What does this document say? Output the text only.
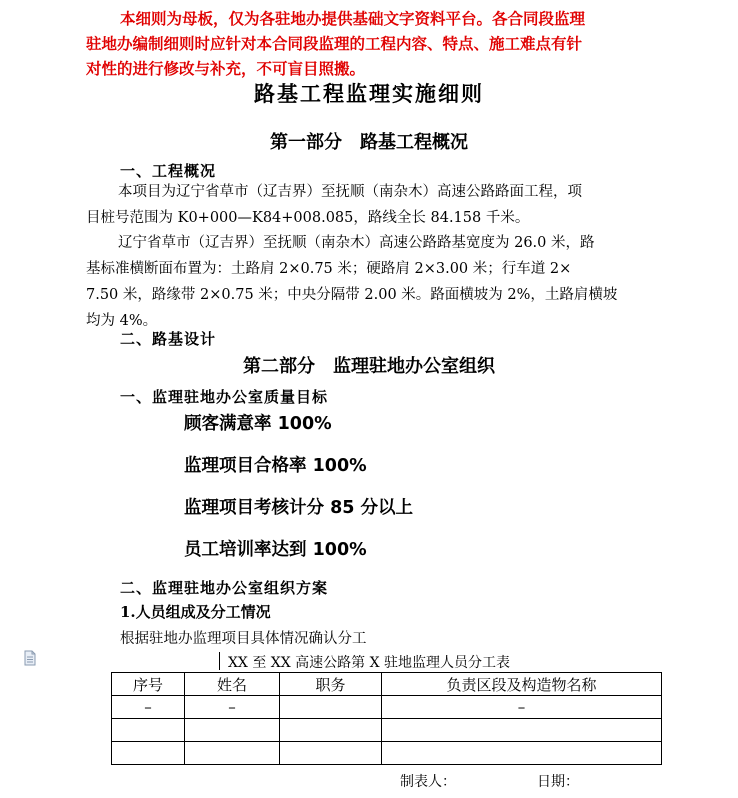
本细则为母板，仅为各驻地办提供基础文字资料平台。各合同段监理
驻地办编制细则时应针对本合同段监理的工程内容、特点、施工难点有针
对性的进行修改与补充，不可盲目照搬。
路基工程监理实施细则
第一部分　路基工程概况
一、工程概况
本项目为辽宁省草市（辽吉界）至抚顺（南杂木）高速公路路面工程，项
目桩号范围为 K0+000—K84+008.085，路线全长 84.158 千米。
辽宁省草市（辽吉界）至抚顺（南杂木）高速公路路基宽度为 26.0 米，路
基标准横断面布置为：土路肩 2×0.75 米；硬路肩 2×3.00 米；行车道 2×
7.50 米，路缘带 2×0.75 米；中央分隔带 2.00 米。路面横坡为 2%，土路肩横坡
均为 4%。
二、路基设计
第二部分　监理驻地办公室组织
一、监理驻地办公室质量目标
顾客满意率 100%
监理项目合格率 100%
监理项目考核计分 85 分以上
员工培训率达到 100%
二、监理驻地办公室组织方案
1.人员组成及分工情况
根据驻地办监理项目具体情况确认分工
XX 至 XX 高速公路第 X 驻地监理人员分工表
序号	姓名	职务	负责区段及构造物名称
–	–		–

制表人：	日期：
